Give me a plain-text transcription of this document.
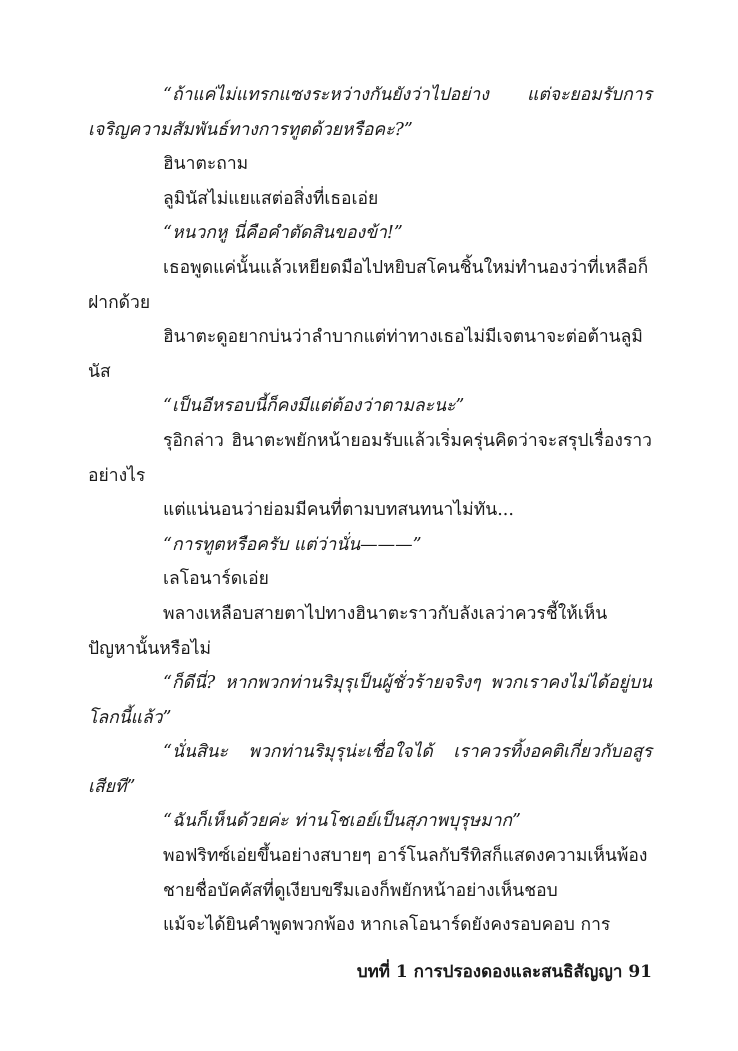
“ถ้าแค่ไม่แทรกแซงระหว่างกันยังว่าไปอย่าง แต่จะยอมรับการเจริญความสัมพันธ์ทางการทูตด้วยหรือคะ?”

ฮินาตะถาม

ลูมินัสไม่แยแสต่อสิ่งที่เธอเอ่ย

“หนวกหู นี่คือคำตัดสินของข้า!”

เธอพูดแค่นั้นแล้วเหยียดมือไปหยิบสโคนชิ้นใหม่ทำนองว่าที่เหลือก็ฝากด้วย

ฮินาตะดูอยากบ่นว่าลำบากแต่ท่าทางเธอไม่มีเจตนาจะต่อต้านลูมินัส

“เป็นอีหรอบนี้ก็คงมีแต่ต้องว่าตามละนะ”

รุอิกล่าว ฮินาตะพยักหน้ายอมรับแล้วเริ่มครุ่นคิดว่าจะสรุปเรื่องราวอย่างไร

แต่แน่นอนว่าย่อมมีคนที่ตามบทสนทนาไม่ทัน...

“การทูตหรือครับ แต่ว่านั่น———”

เลโอนาร์ดเอ่ย

พลางเหลือบสายตาไปทางฮินาตะราวกับลังเลว่าควรชี้ให้เห็นปัญหานั้นหรือไม่

“ก็ดีนี่? หากพวกท่านริมุรุเป็นผู้ชั่วร้ายจริงๆ พวกเราคงไม่ได้อยู่บนโลกนี้แล้ว”

“นั่นสินะ พวกท่านริมุรุน่ะเชื่อใจได้ เราควรทิ้งอคติเกี่ยวกับอสูรเสียที”

“ฉันก็เห็นด้วยค่ะ ท่านโชเอย์เป็นสุภาพบุรุษมาก”

พอฟริทซ์เอ่ยขึ้นอย่างสบายๆ อาร์โนลกับรีทิสก็แสดงความเห็นพ้อง

ชายชื่อบัคคัสที่ดูเงียบขรึมเองก็พยักหน้าอย่างเห็นชอบ

แม้จะได้ยินคำพูดพวกพ้อง หากเลโอนาร์ดยังคงรอบคอบ การ

บทที่ 1 การปรองดองและสนธิสัญญา 91
